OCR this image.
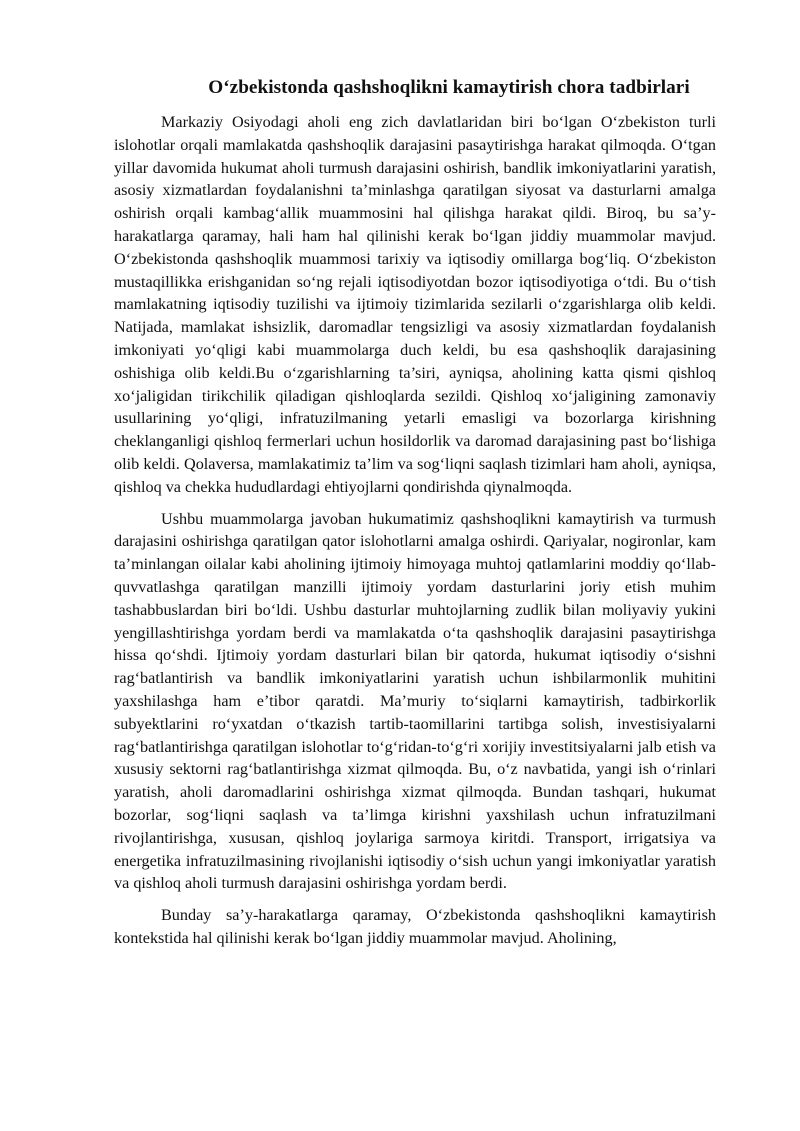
O‘zbekistonda qashshoqlikni kamaytirish chora tadbirlari

Markaziy Osiyodagi aholi eng zich davlatlaridan biri bo‘lgan O‘zbekiston turli islohotlar orqali mamlakatda qashshoqlik darajasini pasaytirishga harakat qilmoqda. O‘tgan yillar davomida hukumat aholi turmush darajasini oshirish, bandlik imkoniyatlarini yaratish, asosiy xizmatlardan foydalanishni ta’minlashga qaratilgan siyosat va dasturlarni amalga oshirish orqali kambag‘allik muammosini hal qilishga harakat qildi. Biroq, bu sa’y-harakatlarga qaramay, hali ham hal qilinishi kerak bo‘lgan jiddiy muammolar mavjud. O‘zbekistonda qashshoqlik muammosi tarixiy va iqtisodiy omillarga bog‘liq. O‘zbekiston mustaqillikka erishganidan so‘ng rejali iqtisodiyotdan bozor iqtisodiyotiga o‘tdi. Bu o‘tish mamlakatning iqtisodiy tuzilishi va ijtimoiy tizimlarida sezilarli o‘zgarishlarga olib keldi. Natijada, mamlakat ishsizlik, daromadlar tengsizligi va asosiy xizmatlardan foydalanish imkoniyati yo‘qligi kabi muammolarga duch keldi, bu esa qashshoqlik darajasining oshishiga olib keldi.Bu o‘zgarishlarning ta’siri, ayniqsa, aholining katta qismi qishloq xo‘jaligidan tirikchilik qiladigan qishloqlarda sezildi. Qishloq xo‘jaligining zamonaviy usullarining yo‘qligi, infratuzilmaning yetarli emasligi va bozorlarga kirishning cheklanganligi qishloq fermerlari uchun hosildorlik va daromad darajasining past bo‘lishiga olib keldi. Qolaversa, mamlakatimiz ta’lim va sog‘liqni saqlash tizimlari ham aholi, ayniqsa, qishloq va chekka hududlardagi ehtiyojlarni qondirishda qiynalmoqda.

Ushbu muammolarga javoban hukumatimiz qashshoqlikni kamaytirish va turmush darajasini oshirishga qaratilgan qator islohotlarni amalga oshirdi. Qariyalar, nogironlar, kam ta’minlangan oilalar kabi aholining ijtimoiy himoyaga muhtoj qatlamlarini moddiy qo‘llab-quvvatlashga qaratilgan manzilli ijtimoiy yordam dasturlarini joriy etish muhim tashabbuslardan biri bo‘ldi. Ushbu dasturlar muhtojlarning zudlik bilan moliyaviy yukini yengillashtirishga yordam berdi va mamlakatda o‘ta qashshoqlik darajasini pasaytirishga hissa qo‘shdi. Ijtimoiy yordam dasturlari bilan bir qatorda, hukumat iqtisodiy o‘sishni rag‘batlantirish va bandlik imkoniyatlarini yaratish uchun ishbilarmonlik muhitini yaxshilashga ham e’tibor qaratdi. Ma’muriy to‘siqlarni kamaytirish, tadbirkorlik subyektlarini ro‘yxatdan o‘tkazish tartib-taomillarini tartibga solish, investisiyalarni rag‘batlantirishga qaratilgan islohotlar to‘g‘ridan-to‘g‘ri xorijiy investitsiyalarni jalb etish va xususiy sektorni rag‘batlantirishga xizmat qilmoqda. Bu, o‘z navbatida, yangi ish o‘rinlari yaratish, aholi daromadlarini oshirishga xizmat qilmoqda. Bundan tashqari, hukumat bozorlar, sog‘liqni saqlash va ta’limga kirishni yaxshilash uchun infratuzilmani rivojlantirishga, xususan, qishloq joylariga sarmoya kiritdi. Transport, irrigatsiya va energetika infratuzilmasining rivojlanishi iqtisodiy o‘sish uchun yangi imkoniyatlar yaratish va qishloq aholi turmush darajasini oshirishga yordam berdi.

Bunday sa’y-harakatlarga qaramay, O‘zbekistonda qashshoqlikni kamaytirish kontekstida hal qilinishi kerak bo‘lgan jiddiy muammolar mavjud. Aholining,
